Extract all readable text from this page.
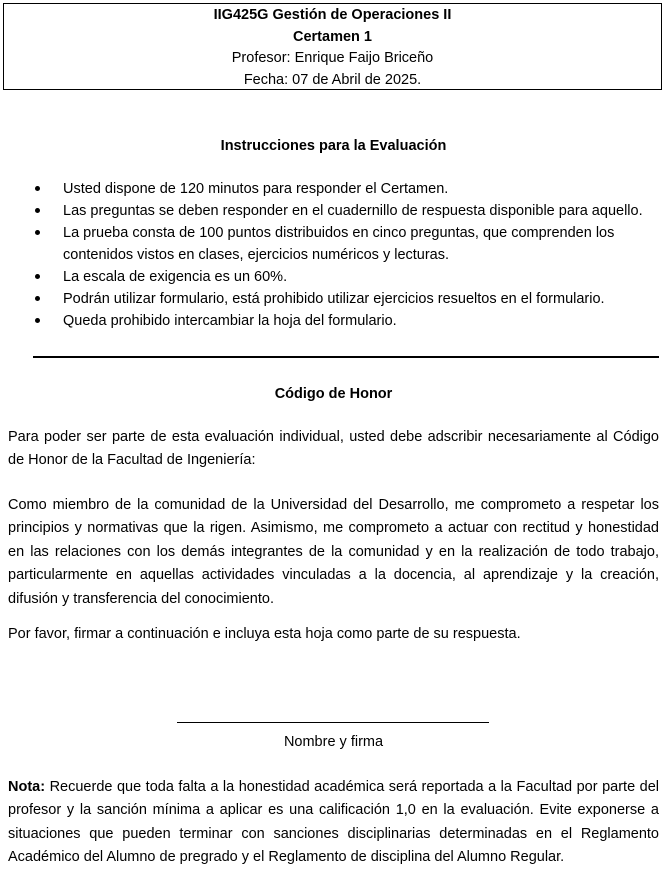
IIG425G Gestión de Operaciones II
Certamen 1
Profesor: Enrique Faijo Briceño
Fecha: 07 de Abril de 2025.
Instrucciones para la Evaluación
Usted dispone de 120 minutos para responder el Certamen.
Las preguntas se deben responder en el cuadernillo de respuesta disponible para aquello.
La prueba consta de 100 puntos distribuidos en cinco preguntas, que comprenden los contenidos vistos en clases, ejercicios numéricos y lecturas.
La escala de exigencia es un 60%.
Podrán utilizar formulario, está prohibido utilizar ejercicios resueltos en el formulario.
Queda prohibido intercambiar la hoja del formulario.
Código de Honor

Para poder ser parte de esta evaluación individual, usted debe adscribir necesariamente al Código de Honor de la Facultad de Ingeniería:

Como miembro de la comunidad de la Universidad del Desarrollo, me comprometo a respetar los principios y normativas que la rigen. Asimismo, me comprometo a actuar con rectitud y honestidad en las relaciones con los demás integrantes de la comunidad y en la realización de todo trabajo, particularmente en aquellas actividades vinculadas a la docencia, al aprendizaje y la creación, difusión y transferencia del conocimiento.

Por favor, firmar a continuación e incluya esta hoja como parte de su respuesta.

Nombre y firma

Nota: Recuerde que toda falta a la honestidad académica será reportada a la Facultad por parte del profesor y la sanción mínima a aplicar es una calificación 1,0 en la evaluación. Evite exponerse a situaciones que pueden terminar con sanciones disciplinarias determinadas en el Reglamento Académico del Alumno de pregrado y el Reglamento de disciplina del Alumno Regular.
